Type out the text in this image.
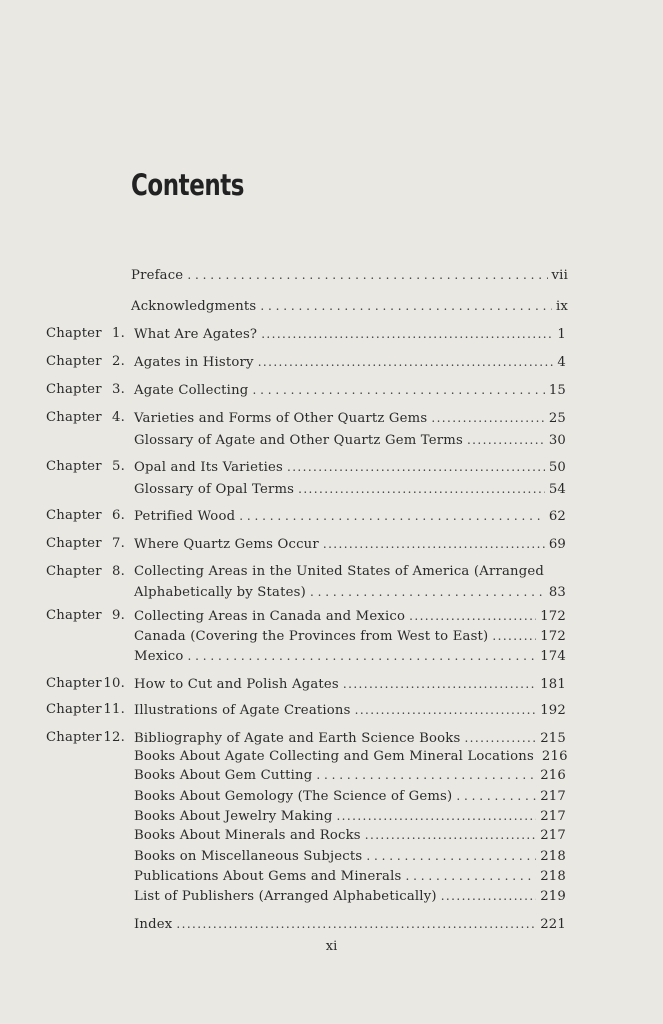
Contents
Preface . . .	vii
Acknowledgments . . .	ix
Chapter 1. What Are Agates? .....	1
Chapter 2. Agates in History .....	4
Chapter 3. Agate Collecting . . .	15
Chapter 4. Varieties and Forms of Other Quartz Gems .....	25
Glossary of Agate and Other Quartz Gem Terms .....	30
Chapter 5. Opal and Its Varieties .....	50
Glossary of Opal Terms .....	54
Chapter 6. Petrified Wood . . .	62
Chapter 7. Where Quartz Gems Occur .....	69
Chapter 8. Collecting Areas in the United States of America (Arranged
Alphabetically by States) . . .	83
Chapter 9. Collecting Areas in Canada and Mexico .....	172
Canada (Covering the Provinces from West to East) .....	172
Mexico . . .	174
Chapter 10. How to Cut and Polish Agates .....	181
Chapter 11. Illustrations of Agate Creations .....	192
Chapter 12. Bibliography of Agate and Earth Science Books .....	215
Books About Agate Collecting and Gem Mineral Locations 216
Books About Gem Cutting . . .	216
Books About Gemology (The Science of Gems) . . .	217
Books About Jewelry Making .....	217
Books About Minerals and Rocks .....	217
Books on Miscellaneous Subjects . . .	218
Publications About Gems and Minerals . . .	218
List of Publishers (Arranged Alphabetically) .....	219
Index .....	221
xi
